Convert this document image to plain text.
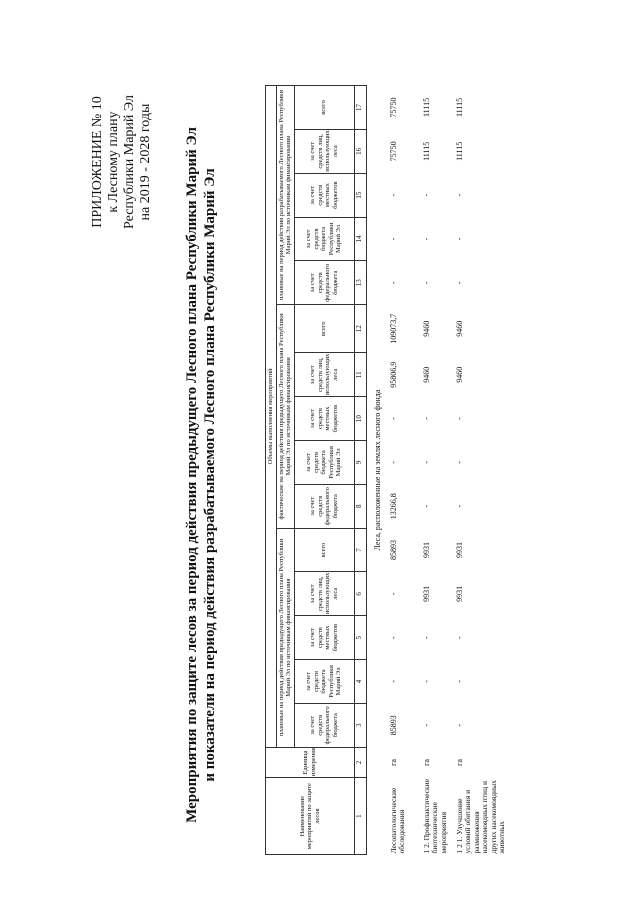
ПРИЛОЖЕНИЕ № 10 к Лесному плану Республики Марий Эл на 2019 - 2028 годы Мероприятия по защите лесов за период действия предыдущего Лесного плана Республики Марий Эл и показатели на период действия разрабатываемого Лесного плана Республики Марий Эл
Наименование мероприятий по защите лесов	Единица измерения	Объемы выполнения мероприятий														
		плановые на период действия предыдущего Лесного плана Республики Марий Эл по источникам финансирования					фактические на период действия предыдущего Лесного плана Республики Марий Эл по источникам финансирования					плановые на период действия разрабатываемого Лесного плана Республики Марий Эл по источникам финансирования				
		за счет средств федерального бюджета	за счет средств бюджета Республики Марий Эл	за счет средств местных бюджетов	за счет средств лиц, использующих леса	всего	за счет средств федерального бюджета	за счет средств бюджета Республики Марий Эл	за счет средств местных бюджетов	за счет средств лиц, использующих леса	всего	за счет средств федерального бюджета	за счет средств бюджета Республики Марий Эл	за счет средств местных бюджетов	за счет средств лиц, использующих леса	всего
1	2	3	4	5	6	7	8	9	10	11	12	13	14	15	16	17
Леса, расположенные на землях лесного фонда																
Лесопатологические обследования	га	85893	-	-	-	85893	13266,8	-	-	95806,9	109073,7	-	-	-	75750	75750
1 2. Профилактические биотехнические мероприятия	га	-	-	-	9931	9931	-	-	-	9460	9460	-	-	-	11115	11115
1 2 1. Улучшение условий обитания и размножения насекомоядных птиц и других насекомоядных животных	га	-	-	-	9931	9931	-	-	-	9460	9460	-	-	-	11115	11115
